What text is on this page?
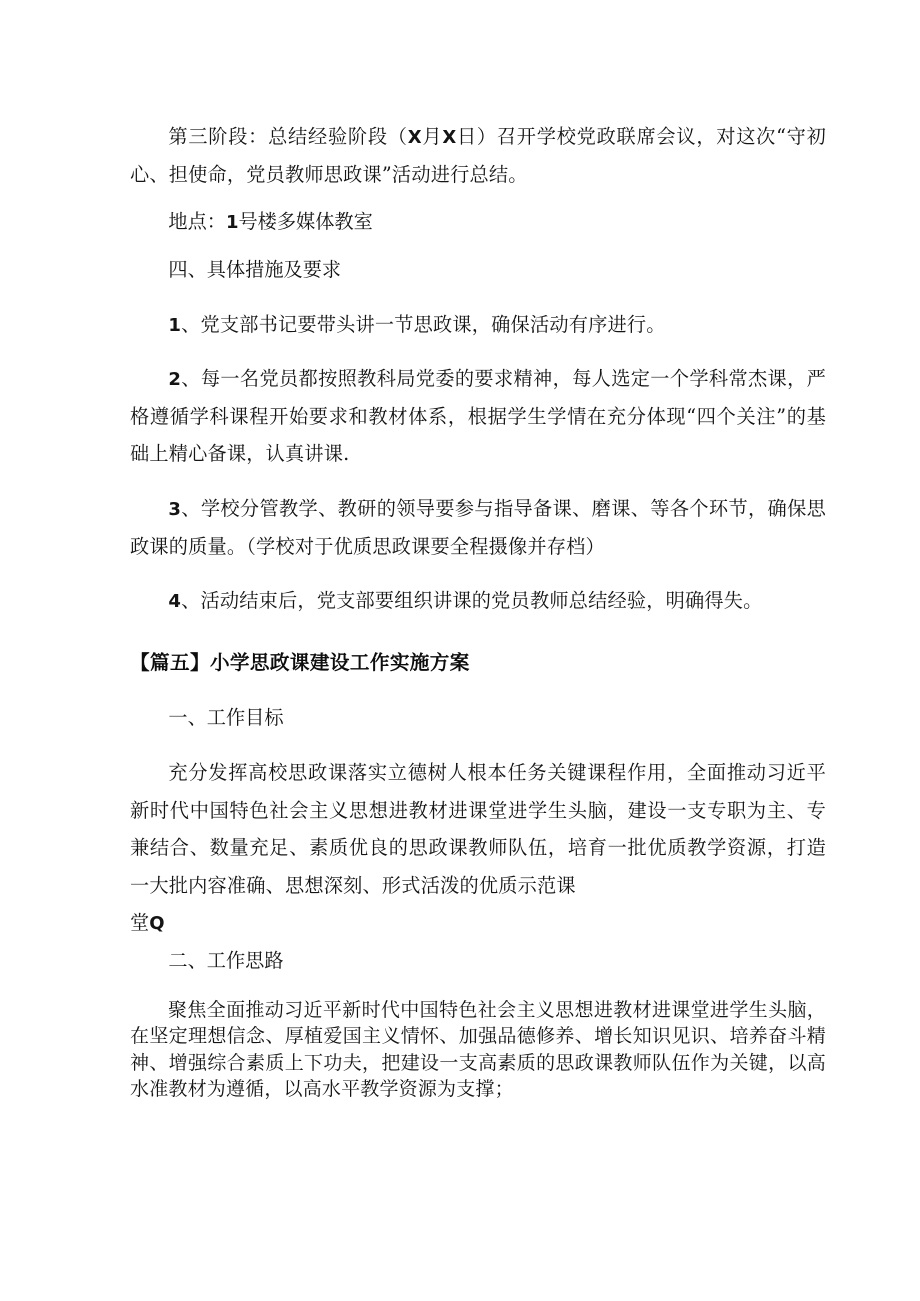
第三阶段：总结经验阶段（X月X日）召开学校党政联席会议，对这次“守初心、担使命，党员教师思政课”活动进行总结。

地点：1号楼多媒体教室

四、具体措施及要求

1、党支部书记要带头讲一节思政课，确保活动有序进行。

2、每一名党员都按照教科局党委的要求精神，每人选定一个学科常杰课，严格遵循学科课程开始要求和教材体系，根据学生学情在充分体现“四个关注”的基础上精心备课，认真讲课.

3、学校分管教学、教研的领导要参与指导备课、磨课、等各个环节，确保思政课的质量。（学校对于优质思政课要全程摄像并存档）

4、活动结束后，党支部要组织讲课的党员教师总结经验，明确得失。

【篇五】小学思政课建设工作实施方案

一、工作目标

充分发挥高校思政课落实立德树人根本任务关键课程作用，全面推动习近平新时代中国特色社会主义思想进教材进课堂进学生头脑，建设一支专职为主、专兼结合、数量充足、素质优良的思政课教师队伍，培育一批优质教学资源，打造一大批内容准确、思想深刻、形式活泼的优质示范课

堂Q

二、工作思路

聚焦全面推动习近平新时代中国特色社会主义思想进教材进课堂进学生头脑，在坚定理想信念、厚植爱国主义情怀、加强品德修养、增长知识见识、培养奋斗精神、增强综合素质上下功夫，把建设一支高素质的思政课教师队伍作为关键，以高水准教材为遵循，以高水平教学资源为支撑；
